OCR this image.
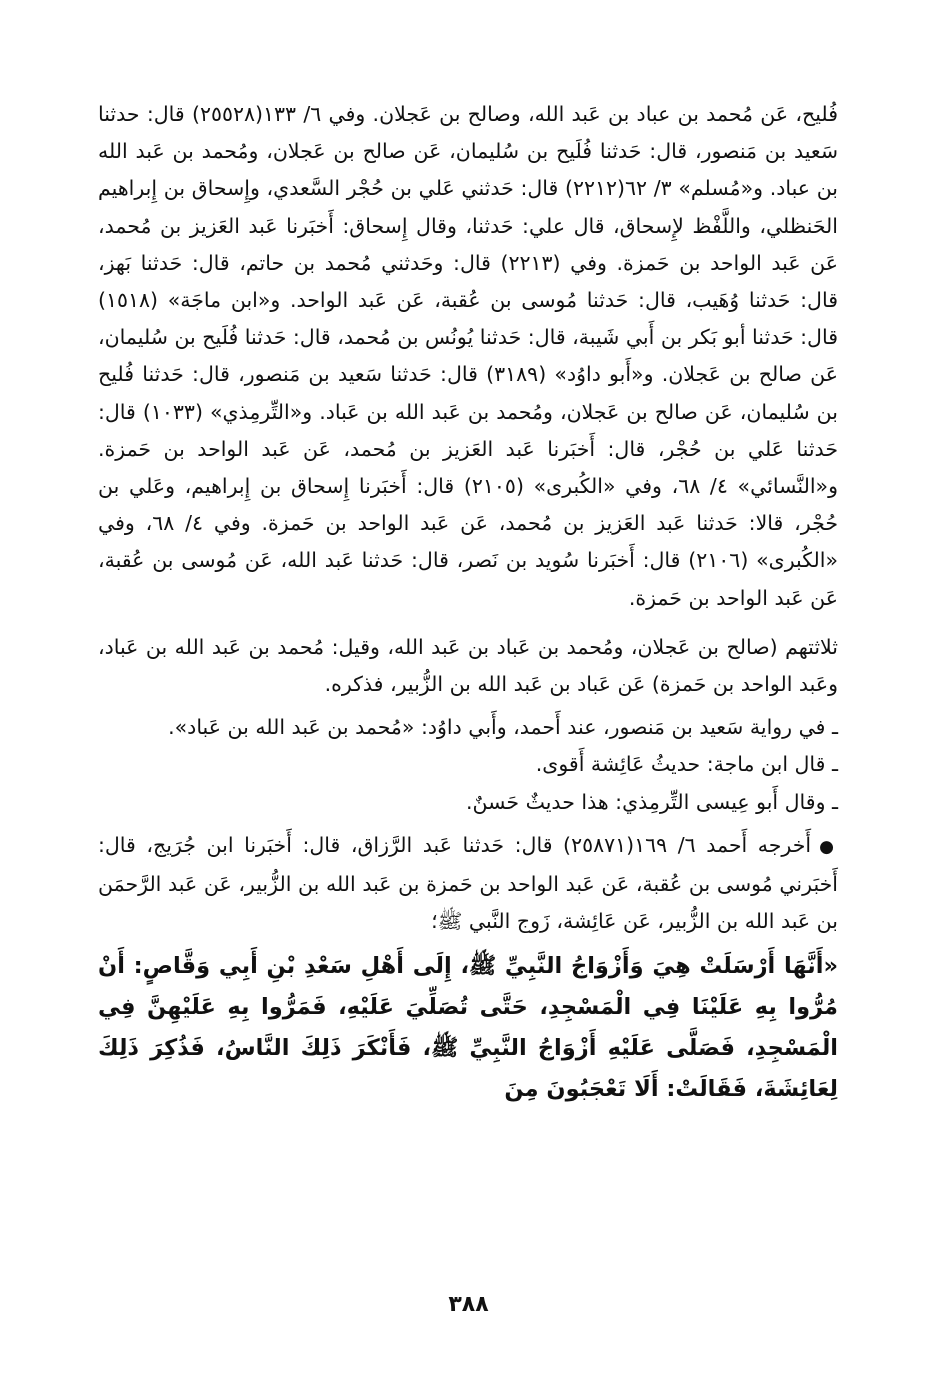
فُليح، عَن مُحمد بن عباد بن عَبد الله، وصالح بن عَجلان. وفي ٦/ ١٣٣(٢٥٥٢٨) قال: حدثنا سَعيد بن مَنصور، قال: حَدثنا فُلَيح بن سُليمان، عَن صالح بن عَجلان، ومُحمد بن عَبد الله بن عباد. و«مُسلم» ٣/ ٦٢(٢٢١٢) قال: حَدثني عَلي بن حُجْر السَّعدي، وإِسحاق بن إِبراهيم الحَنظلي، واللَّفْظ لإِسحاق، قال علي: حَدثنا، وقال إِسحاق: أَخبَرنا عَبد العَزيز بن مُحمد، عَن عَبد الواحد بن حَمزة. وفي (٢٢١٣) قال: وحَدثني مُحمد بن حاتم، قال: حَدثنا بَهز، قال: حَدثنا وُهَيب، قال: حَدثنا مُوسى بن عُقبة، عَن عَبد الواحد. و«ابن ماجَة» (١٥١٨) قال: حَدثنا أبو بَكر بن أَبي شَيبة، قال: حَدثنا يُونُس بن مُحمد، قال: حَدثنا فُلَيح بن سُليمان، عَن صالح بن عَجلان. و«أَبو داوُد» (٣١٨٩) قال: حَدثنا سَعيد بن مَنصور، قال: حَدثنا فُليح بن سُليمان، عَن صالح بن عَجلان، ومُحمد بن عَبد الله بن عَباد. و«التِّرمِذي» (١٠٣٣) قال: حَدثنا عَلي بن حُجْر، قال: أَخبَرنا عَبد العَزيز بن مُحمد، عَن عَبد الواحد بن حَمزة. و«النَّسائي» ٤/ ٦٨، وفي «الكُبرى» (٢١٠٥) قال: أَخبَرنا إِسحاق بن إِبراهيم، وعَلي بن حُجْر، قالا: حَدثنا عَبد العَزيز بن مُحمد، عَن عَبد الواحد بن حَمزة. وفي ٤/ ٦٨، وفي «الكُبرى» (٢١٠٦) قال: أَخبَرنا سُويد بن نَصر، قال: حَدثنا عَبد الله، عَن مُوسى بن عُقبة، عَن عَبد الواحد بن حَمزة.

ثلاثتهم (صالح بن عَجلان، ومُحمد بن عَباد بن عَبد الله، وقيل: مُحمد بن عَبد الله بن عَباد، وعَبد الواحد بن حَمزة) عَن عَباد بن عَبد الله بن الزُّبير، فذكره.

ـ في رواية سَعيد بن مَنصور، عند أَحمد، وأَبي داوُد: «مُحمد بن عَبد الله بن عَباد».

ـ قال ابن ماجة: حديثُ عَائِشة أَقوى.

ـ وقال أَبو عِيسى التِّرمِذي: هذا حديثٌ حَسنٌ.

●أَخرجه أَحمد ٦/ ١٦٩(٢٥٨٧١) قال: حَدثنا عَبد الرَّزاق، قال: أَخبَرنا ابن جُرَيج، قال: أَخبَرني مُوسى بن عُقبة، عَن عَبد الواحد بن حَمزة بن عَبد الله بن الزُّبير، عَن عَبد الرَّحمَن بن عَبد الله بن الزُّبير، عَن عَائِشة، زَوج النَّبي ﷺ؛

«أَنَّهَا أَرْسَلَتْ هِيَ وَأَزْوَاجُ النَّبِيِّ ﷺ، إِلَى أَهْلِ سَعْدِ بْنِ أَبِي وَقَّاصٍ: أَنْ مُرُّوا بِهِ عَلَيْنَا فِي الْمَسْجِدِ، حَتَّى تُصَلِّيَ عَلَيْهِ، فَمَرُّوا بِهِ عَلَيْهِنَّ فِي الْمَسْجِدِ، فَصَلَّى عَلَيْهِ أَزْوَاجُ النَّبِيِّ ﷺ، فَأَنْكَرَ ذَلِكَ النَّاسُ، فَذُكِرَ ذَلِكَ لِعَائِشَةَ، فَقَالَتْ: أَلَا تَعْجَبُونَ مِنَ

٣٨٨
